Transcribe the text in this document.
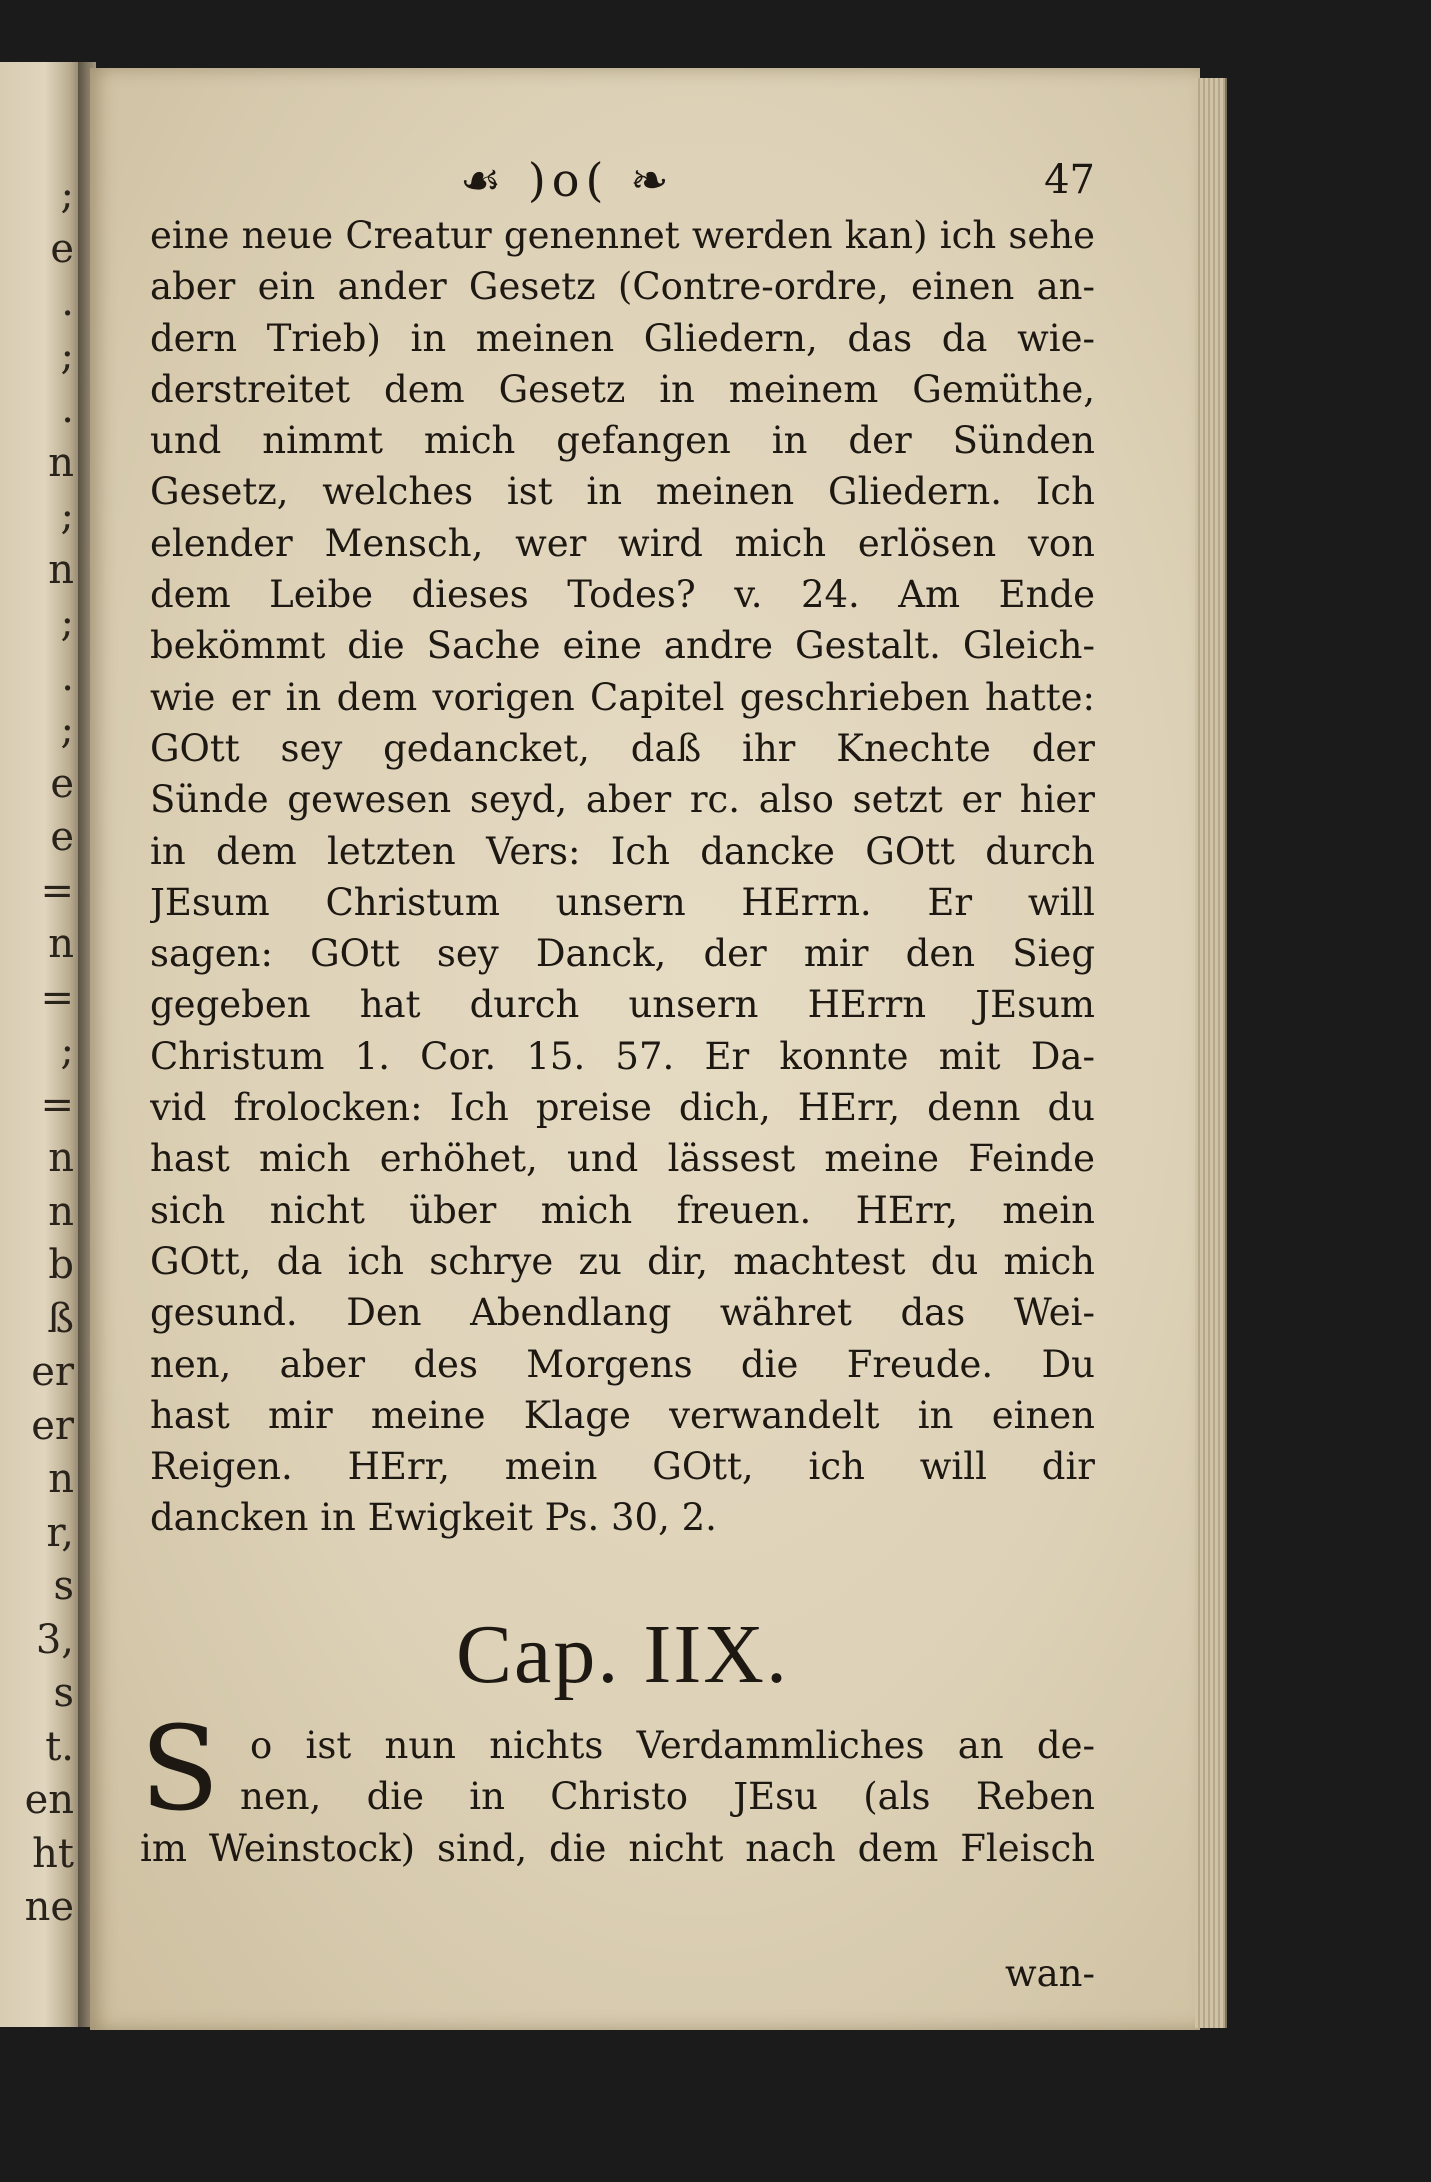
;
e
.
;
.
n
;
n
;
.
;
e
e
=
n
=
;
=
n
n
b
ß
er
er
n
r,
s
3,
s
t.
en
ht
ne
☙ )o( ❧	47
eine neue Creatur genennet werden kan) ich sehe
aber ein ander Gesetz (Contre-ordre, einen an-
dern Trieb) in meinen Gliedern, das da wie-
derstreitet dem Gesetz in meinem Gemüthe,
und nimmt mich gefangen in der Sünden
Gesetz, welches ist in meinen Gliedern. Ich
elender Mensch, wer wird mich erlösen von
dem Leibe dieses Todes? v. 24. Am Ende
bekömmt die Sache eine andre Gestalt. Gleich-
wie er in dem vorigen Capitel geschrieben hatte:
GOtt sey gedancket, daß ihr Knechte der
Sünde gewesen seyd, aber rc. also setzt er hier
in dem letzten Vers: Ich dancke GOtt durch
JEsum Christum unsern HErrn. Er will
sagen: GOtt sey Danck, der mir den Sieg
gegeben hat durch unsern HErrn JEsum
Christum 1. Cor. 15. 57. Er konnte mit Da-
vid frolocken: Ich preise dich, HErr, denn du
hast mich erhöhet, und lässest meine Feinde
sich nicht über mich freuen. HErr, mein
GOtt, da ich schrye zu dir, machtest du mich
gesund. Den Abendlang währet das Wei-
nen, aber des Morgens die Freude. Du
hast mir meine Klage verwandelt in einen
Reigen. HErr, mein GOtt, ich will dir
dancken in Ewigkeit Ps. 30, 2.
Cap. IIX.
S o ist nun nichts Verdammliches an de-
nen, die in Christo JEsu (als Reben
im Weinstock) sind, die nicht nach dem Fleisch
wan-
